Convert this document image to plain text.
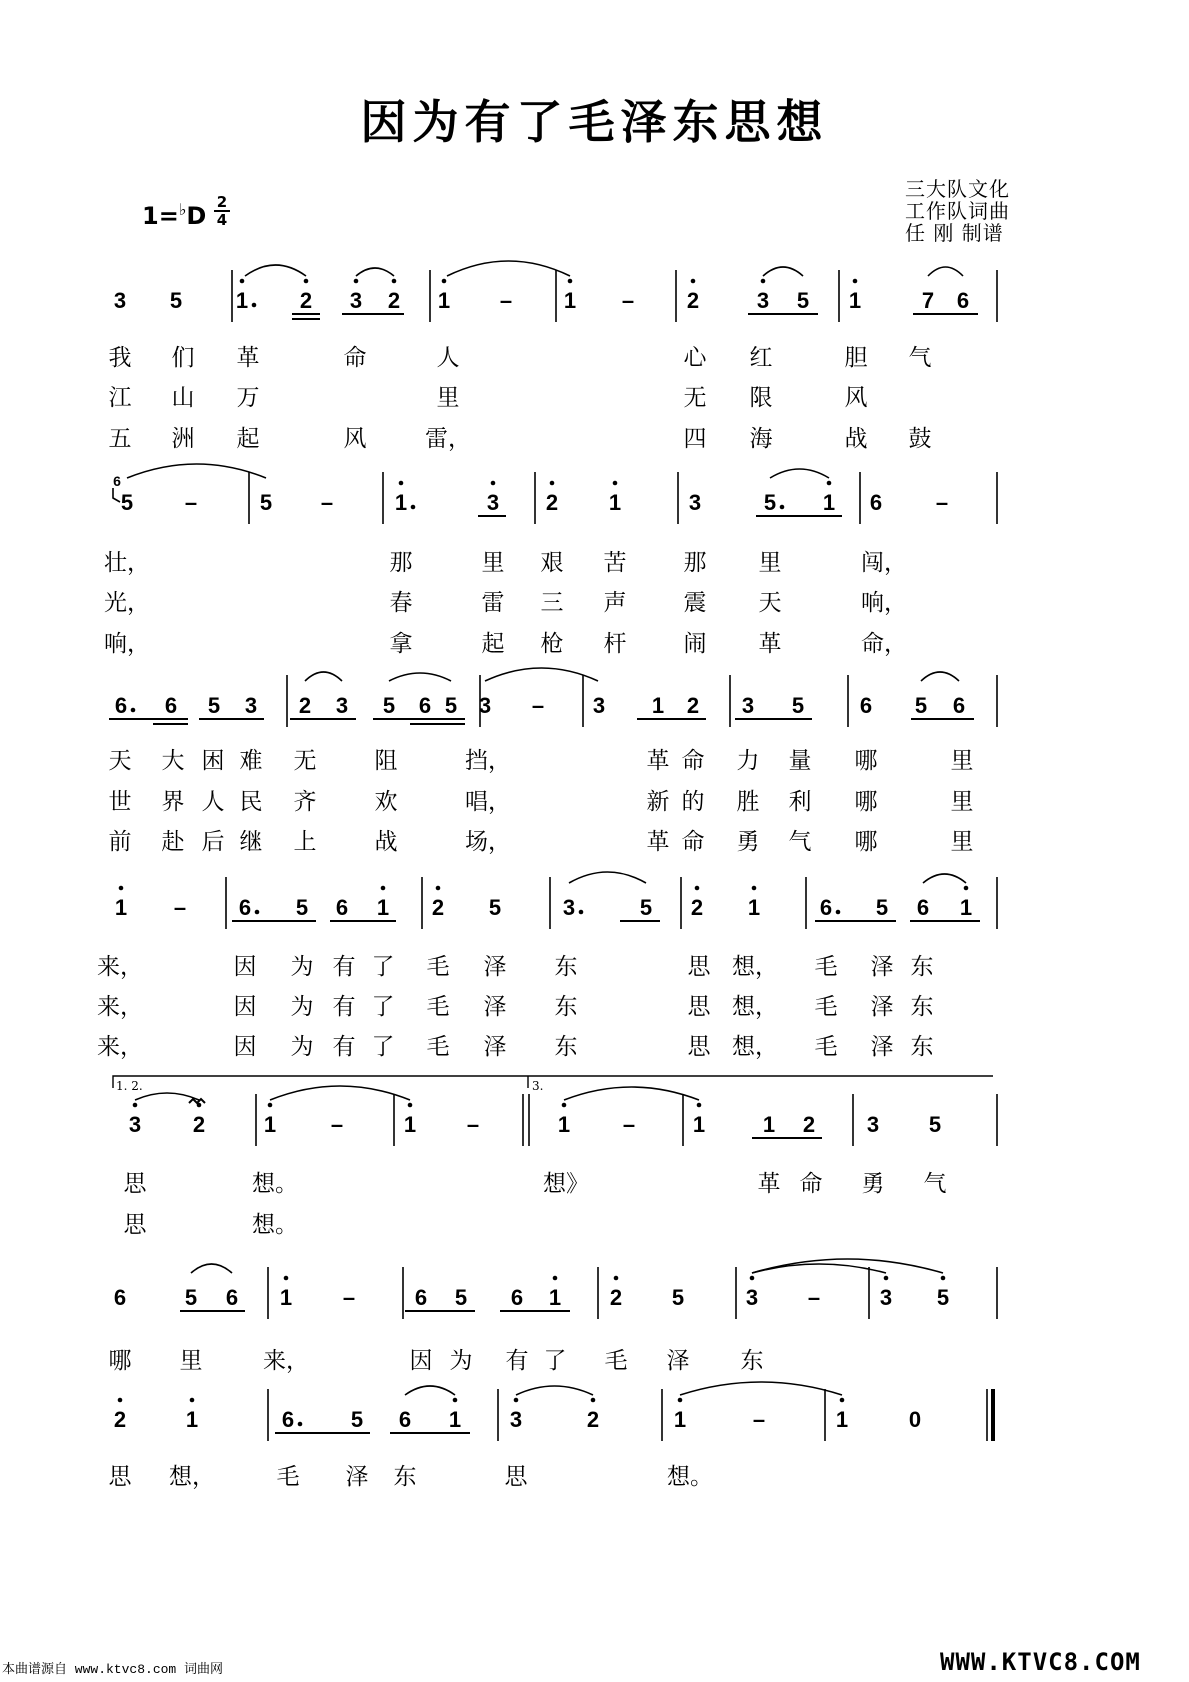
因为有了毛泽东思想
1=♭D 2
4
三大队文化
工作队词曲
任 刚 制谱
3 5 1 2 3 2 1 – 1 – 2	3 5 1	7 6
5 –	5 –	1	3 2 1	3	5 1 6 –
6 6 5 3 2 3 5 6 5 3 – 3 1 2 3 5	6 5 6
1 – 6 5 6 1 2 5	3	5 2 1	6 5 6 1
3 2	1 –	1 –	1 –	1	1 2 3 5
6	5 6 1 –	6 5 6 1 2 5	3 –	3 5
2	1	6	5 6 1 3	2	1	–	1	0
6
1. 2.	3.
我 们 革	命	人	心 红	胆 气
江 山 万	里	无 限	风
五 洲 起	风	雷，	四 海	战 鼓
壮，	那	里 艰 苦 那 里	闯，
光，	春	雷 三 声 震 天	响，
响，	拿	起 枪 杆 闹 革	命，
天 大 困 难 无	阻	挡，	革 命 力 量 哪	里
世 界 人 民 齐	欢	唱，	新 的 胜 利 哪	里
前 赴 后 继 上	战	场，	革 命 勇 气 哪	里
来，	因 为 有 了 毛 泽 东	思 想， 毛 泽 东
来，	因 为 有 了 毛 泽 东	思 想， 毛 泽 东
来，	因 为 有 了 毛 泽 东	思 想， 毛 泽 东
思	想。	想》	革 命 勇 气
思	想。
哪 里	来，	因 为 有 了 毛 泽 东
思 想，	毛 泽 东	思	想。
本曲谱源自 www.ktvc8.com 词曲网	WWW.KTVC8.COM
